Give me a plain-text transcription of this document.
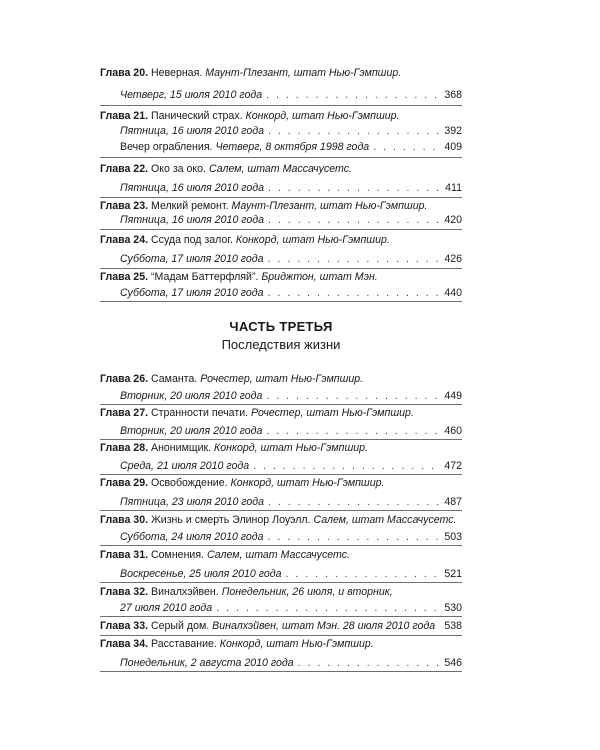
Глава 20. Неверная. Маунт-Плезант, штат Нью-Гэмпшир.
Четверг, 15 июля 2010 года . . .	368
Глава 21. Панический страх. Конкорд, штат Нью-Гэмпшир.
Пятница, 16 июля 2010 года . . .	392
Вечер ограбления. Четверг, 8 октября 1998 года . . .	409
Глава 22. Око за око. Салем, штат Массачусетс.
Пятница, 16 июля 2010 года . . .	411
Глава 23. Мелкий ремонт. Маунт-Плезант, штат Нью-Гэмпшир.
Пятница, 16 июля 2010 года . . .	420
Глава 24. Ссуда под залог. Конкорд, штат Нью-Гэмпшир.
Суббота, 17 июля 2010 года . . .	426
Глава 25. “Мадам Баттерфляй”. Бриджтон, штат Мэн.
Суббота, 17 июля 2010 года . . .	440
ЧАСТЬ ТРЕТЬЯ
Последствия жизни
Глава 26. Саманта. Рочестер, штат Нью-Гэмпшир.
Вторник, 20 июля 2010 года . . .	449
Глава 27. Странности печати. Рочестер, штат Нью-Гэмпшир.
Вторник, 20 июля 2010 года . . .	460
Глава 28. Анонимщик. Конкорд, штат Нью-Гэмпшир.
Среда, 21 июля 2010 года . . .	472
Глава 29. Освобождение. Конкорд, штат Нью-Гэмпшир.
Пятница, 23 июля 2010 года . . .	487
Глава 30. Жизнь и смерть Элинор Лоуэлл. Салем, штат Массачусетс.
Суббота, 24 июля 2010 года . . .	503
Глава 31. Сомнения. Салем, штат Массачусетс.
Воскресенье, 25 июля 2010 года . . .	521
Глава 32. Виналхэйвен. Понедельник, 26 июля, и вторник,
27 июля 2010 года . . .	530
Глава 33. Серый дом. Виналхэйвен, штат Мэн. 28 июля 2010 года . . . 538
Глава 34. Расставание. Конкорд, штат Нью-Гэмпшир.
Понедельник, 2 августа 2010 года . . .	546
